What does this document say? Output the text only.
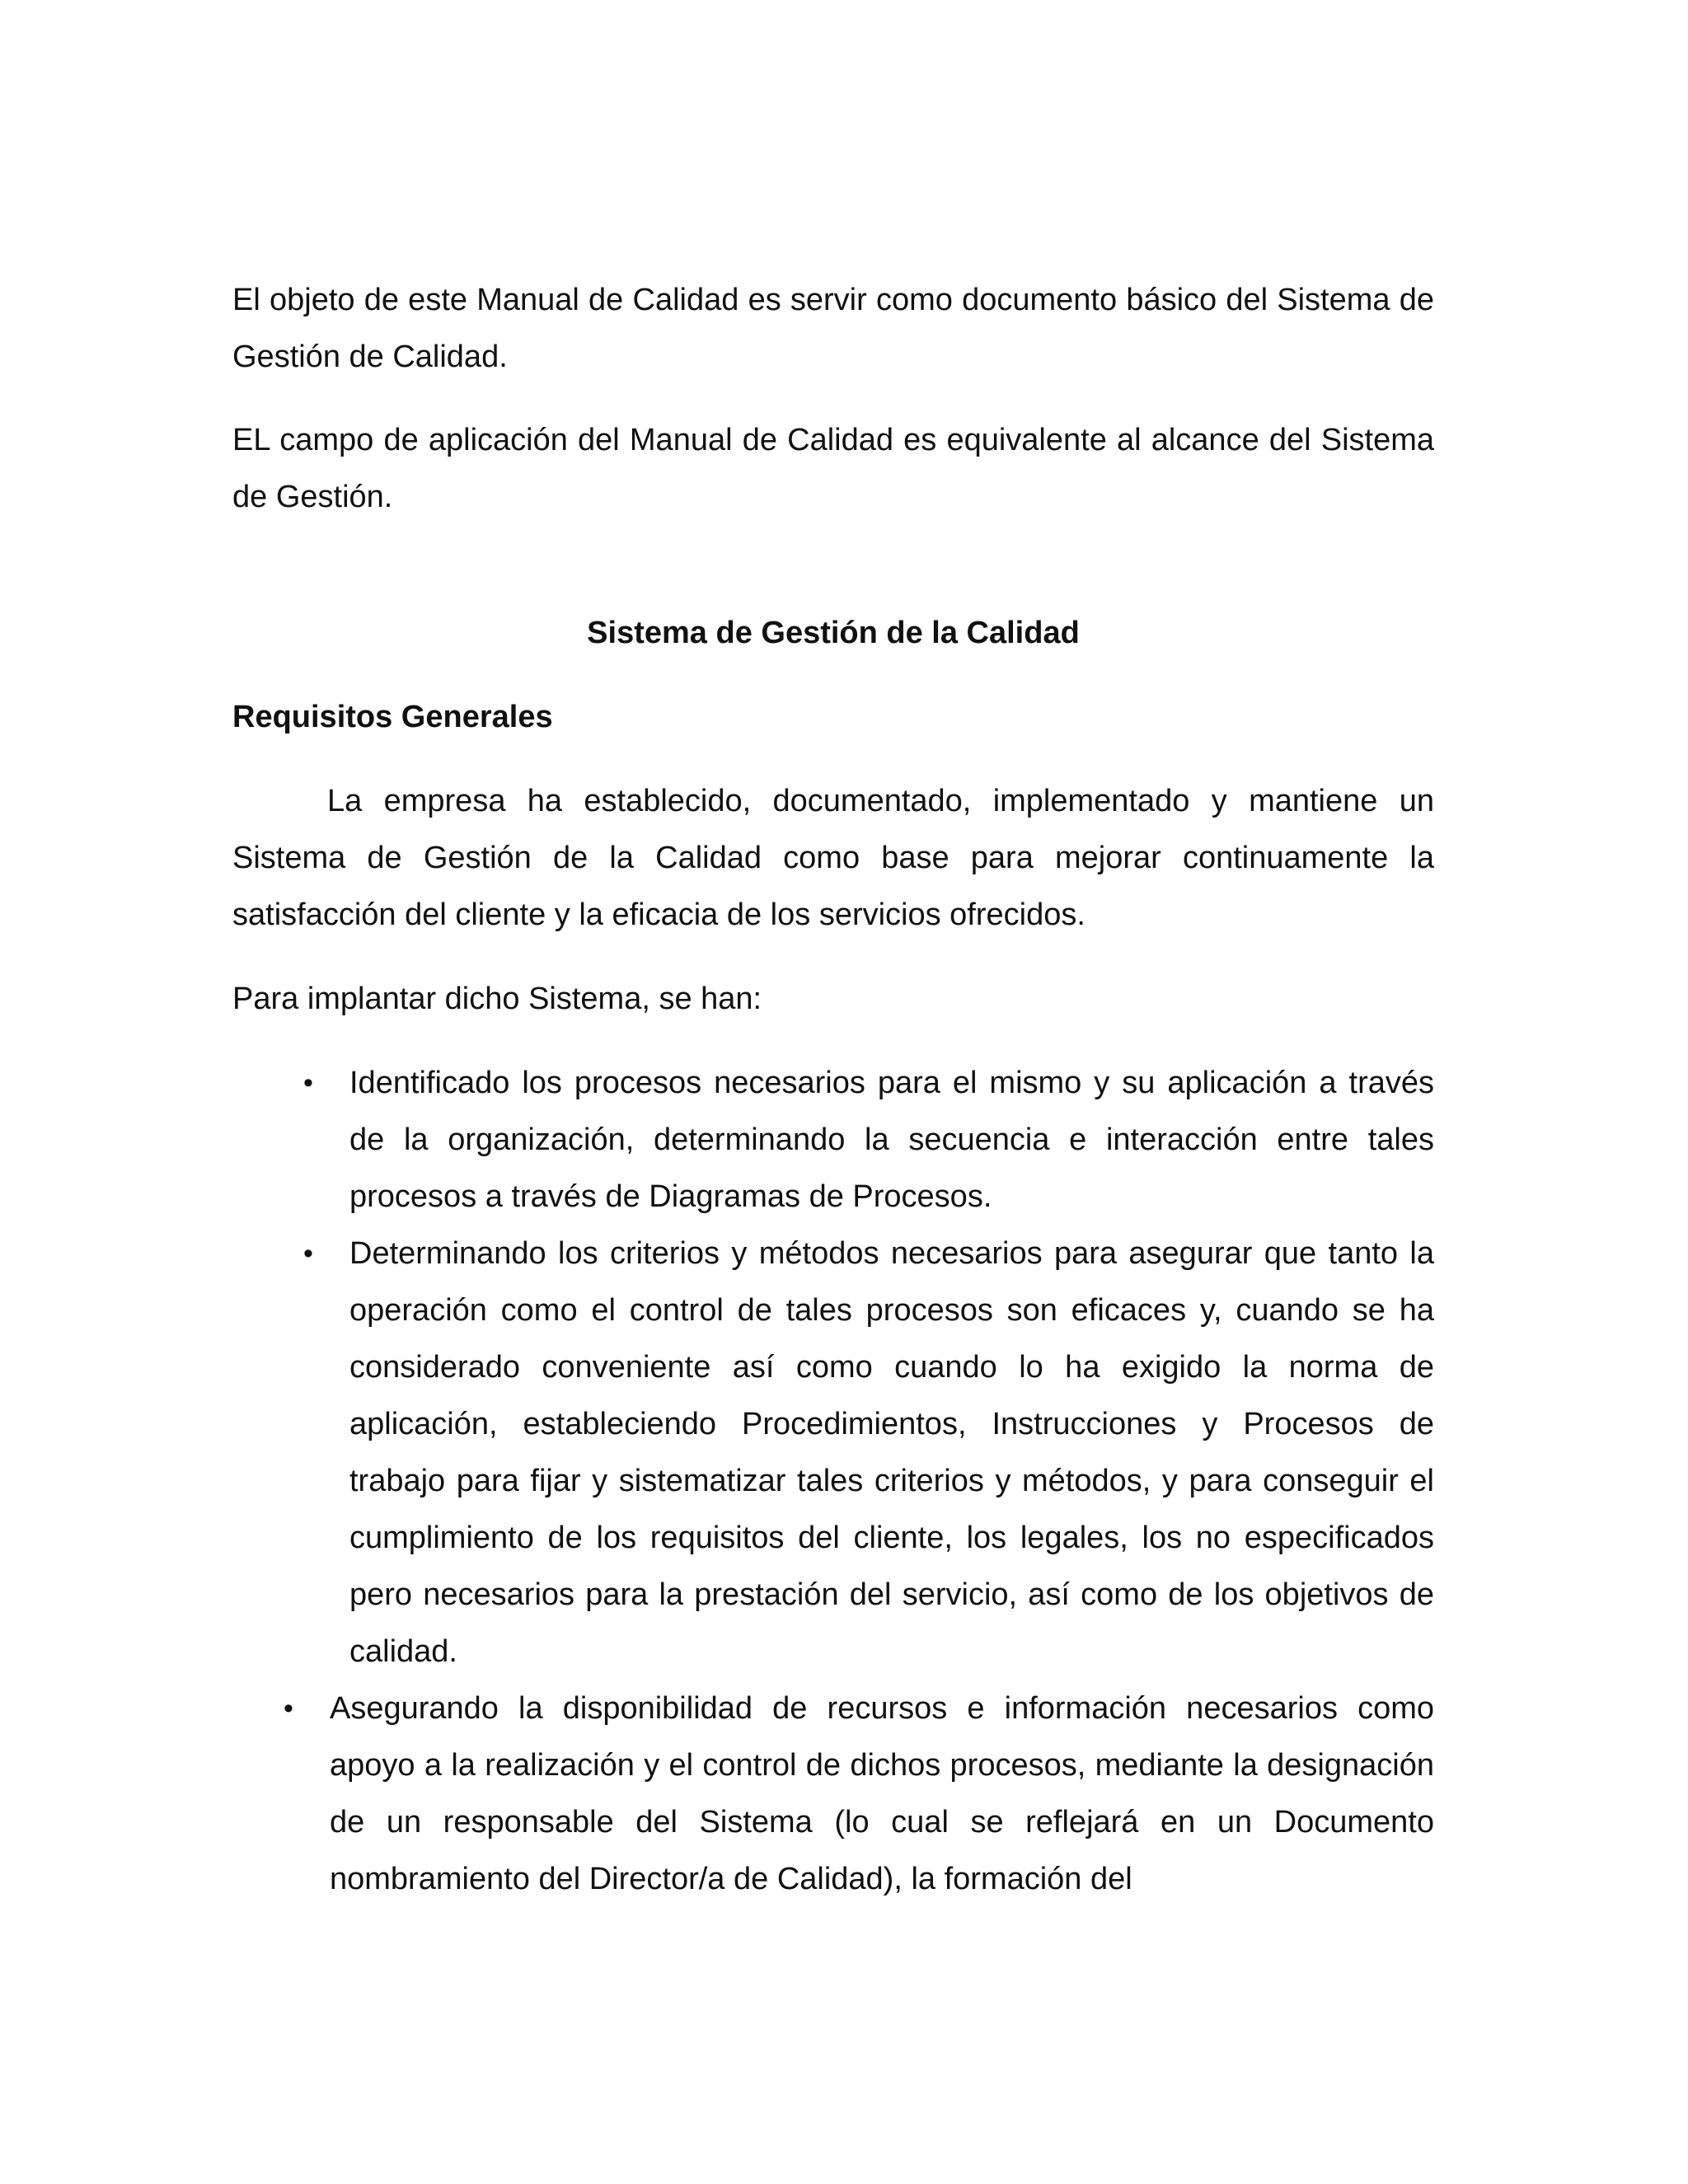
El objeto de este Manual de Calidad es servir como documento básico del Sistema de Gestión de Calidad.

EL campo de aplicación del Manual de Calidad es equivalente al alcance del Sistema de Gestión.

Sistema de Gestión de la Calidad

Requisitos Generales

La empresa ha establecido, documentado, implementado y mantiene un Sistema de Gestión de la Calidad como base para mejorar continuamente la satisfacción del cliente y la eficacia de los servicios ofrecidos.

Para implantar dicho Sistema, se han:

• Identificado los procesos necesarios para el mismo y su aplicación a través de la organización, determinando la secuencia e interacción entre tales procesos a través de Diagramas de Procesos.
• Determinando los criterios y métodos necesarios para asegurar que tanto la operación como el control de tales procesos son eficaces y, cuando se ha considerado conveniente así como cuando lo ha exigido la norma de aplicación, estableciendo Procedimientos, Instrucciones y Procesos de trabajo para fijar y sistematizar tales criterios y métodos, y para conseguir el cumplimiento de los requisitos del cliente, los legales, los no especificados pero necesarios para la prestación del servicio, así como de los objetivos de calidad.
• Asegurando la disponibilidad de recursos e información necesarios como apoyo a la realización y el control de dichos procesos, mediante la designación de un responsable del Sistema (lo cual se reflejará en un Documento nombramiento del Director/a de Calidad), la formación del
